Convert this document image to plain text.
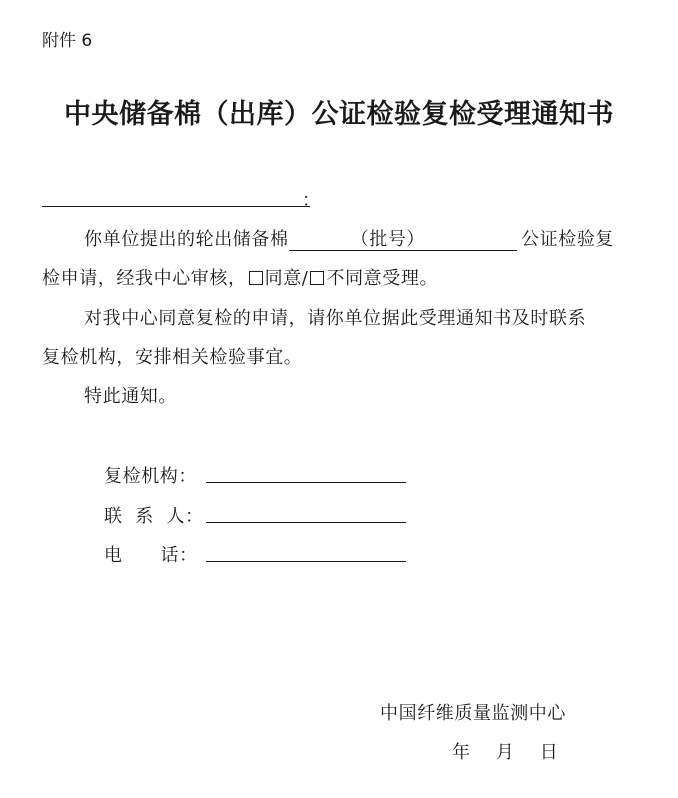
附件 6
中央储备棉（出库）公证检验复检受理通知书
：
你单位提出的轮出储备棉	（批号）	公证检验复
检申请，经我中心审核， 同意/ 不同意受理。
对我中心同意复检的申请，请你单位据此受理通知书及时联系
复检机构，安排相关检验事宜。
特此通知。
复检机构：
联  系  人：
电      话：
中国纤维质量监测中心
年    月    日
